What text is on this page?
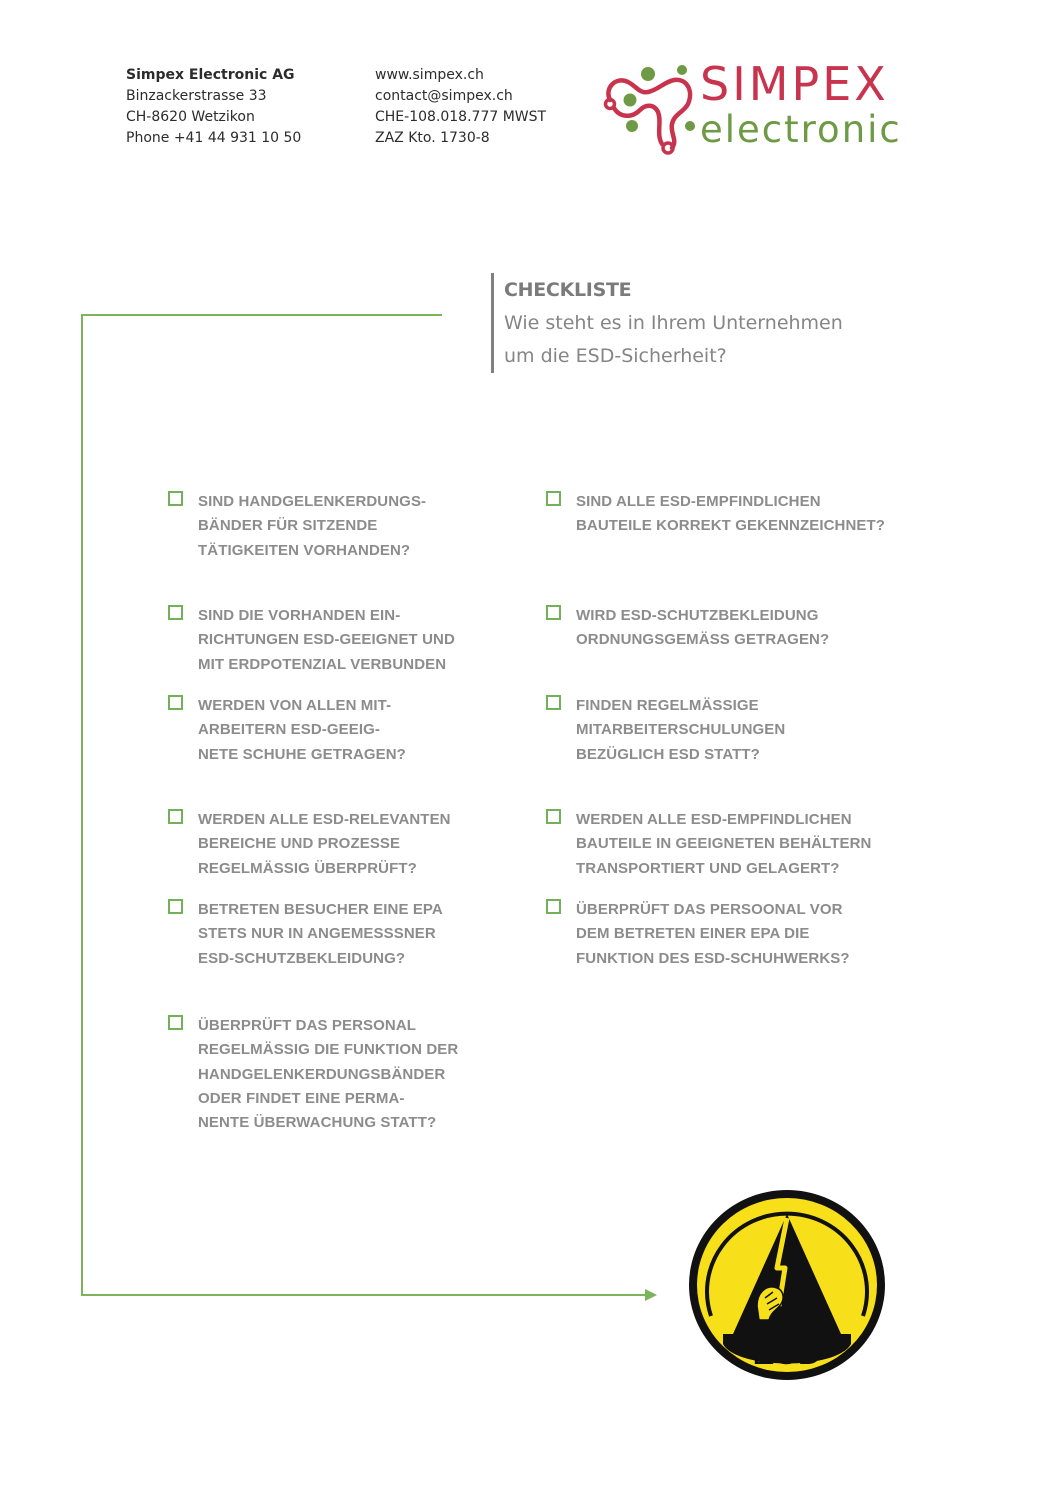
Simpex Electronic AG
Binzackerstrasse 33
CH-8620 Wetzikon
Phone +41 44 931 10 50
www.simpex.ch
contact@simpex.ch
CHE-108.018.777 MWST
ZAZ Kto. 1730-8
SIMPEX
electronic
CHECKLISTE
Wie steht es in Ihrem Unternehmen
um die ESD-Sicherheit?
SIND HANDGELENKERDUNGS-
BÄNDER FÜR SITZENDE
TÄTIGKEITEN VORHANDEN?
SIND DIE VORHANDEN EIN-
RICHTUNGEN ESD-GEEIGNET UND
MIT ERDPOTENZIAL VERBUNDEN
WERDEN VON ALLEN MIT-
ARBEITERN ESD-GEEIG-
NETE SCHUHE GETRAGEN?
WERDEN ALLE ESD-RELEVANTEN
BEREICHE UND PROZESSE
REGELMÄSSIG ÜBERPRÜFT?
BETRETEN BESUCHER EINE EPA
STETS NUR IN ANGEMESSSNER
ESD-SCHUTZBEKLEIDUNG?
ÜBERPRÜFT DAS PERSONAL
REGELMÄSSIG DIE FUNKTION DER
HANDGELENKERDUNGSBÄNDER
ODER FINDET EINE PERMA-
NENTE ÜBERWACHUNG STATT?
SIND ALLE ESD-EMPFINDLICHEN
BAUTEILE KORREKT GEKENNZEICHNET?
WIRD ESD-SCHUTZBEKLEIDUNG
ORDNUNGSGEMÄSS GETRAGEN?
FINDEN REGELMÄSSIGE
MITARBEITERSCHULUNGEN
BEZÜGLICH ESD STATT?
WERDEN ALLE ESD-EMPFINDLICHEN
BAUTEILE IN GEEIGNETEN BEHÄLTERN
TRANSPORTIERT UND GELAGERT?
ÜBERPRÜFT DAS PERSOONAL VOR
DEM BETRETEN EINER EPA DIE
FUNKTION DES ESD-SCHUHWERKS?
ESD
